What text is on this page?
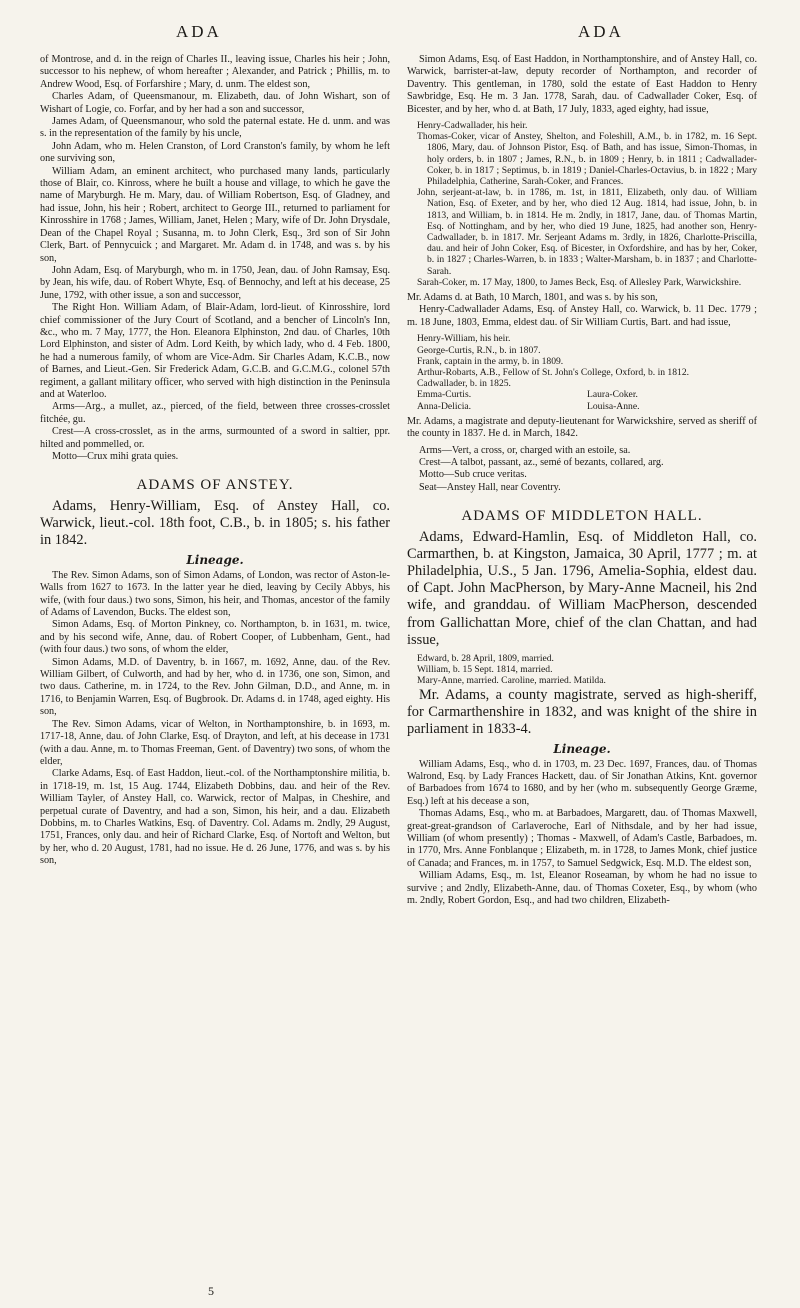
ADA	ADA

of Montrose, and d. in the reign of Charles II., leaving issue, Charles his heir ; John, successor to his nephew, of whom hereafter ; Alexander, and Patrick ; Phillis, m. to Andrew Wood, Esq. of Forfarshire ; Mary, d. unm. The eldest son,

Charles Adam, of Queensmanour, m. Elizabeth, dau. of John Wishart, son of Wishart of Logie, co. Forfar, and by her had a son and successor,

James Adam, of Queensmanour, who sold the paternal estate. He d. unm. and was s. in the representation of the family by his uncle,

John Adam, who m. Helen Cranston, of Lord Cranston's family, by whom he left one surviving son,

William Adam, an eminent architect, who purchased many lands, particularly those of Blair, co. Kinross, where he built a house and village, to which he gave the name of Maryburgh. He m. Mary, dau. of William Robertson, Esq. of Gladney, and had issue, John, his heir ; Robert, architect to George III., returned to parliament for Kinrosshire in 1768 ; James, William, Janet, Helen ; Mary, wife of Dr. John Drysdale, Dean of the Chapel Royal ; Susanna, m. to John Clerk, Esq., 3rd son of Sir John Clerk, Bart. of Pennycuick ; and Margaret. Mr. Adam d. in 1748, and was s. by his son,

John Adam, Esq. of Maryburgh, who m. in 1750, Jean, dau. of John Ramsay, Esq. by Jean, his wife, dau. of Robert Whyte, Esq. of Bennochy, and left at his decease, 25 June, 1792, with other issue, a son and successor,

The Right Hon. William Adam, of Blair-Adam, lord-lieut. of Kinrosshire, lord chief commissioner of the Jury Court of Scotland, and a bencher of Lincoln's Inn, &c., who m. 7 May, 1777, the Hon. Eleanora Elphinston, 2nd dau. of Charles, 10th Lord Elphinston, and sister of Adm. Lord Keith, by which lady, who d. 4 Feb. 1800, he had a numerous family, of whom are Vice-Adm. Sir Charles Adam, K.C.B., now of Barnes, and Lieut.-Gen. Sir Frederick Adam, G.C.B. and G.C.M.G., colonel 57th regiment, a gallant military officer, who served with high distinction in the Peninsula and at Waterloo.

Arms—Arg., a mullet, az., pierced, of the field, between three crosses-crosslet fitchée, gu.

Crest—A cross-crosslet, as in the arms, surmounted of a sword in saltier, ppr. hilted and pommelled, or.

Motto—Crux mihi grata quies.

ADAMS OF ANSTEY.

Adams, Henry-William, Esq. of Anstey Hall, co. Warwick, lieut.-col. 18th foot, C.B., b. in 1805; s. his father in 1842.

Lineage.

The Rev. Simon Adams, son of Simon Adams, of London, was rector of Aston-le-Walls from 1627 to 1673. In the latter year he died, leaving by Cecily Abbys, his wife, (with four daus.) two sons, Simon, his heir, and Thomas, ancestor of the family of Adams of Lavendon, Bucks. The eldest son,

Simon Adams, Esq. of Morton Pinkney, co. Northampton, b. in 1631, m. twice, and by his second wife, Anne, dau. of Robert Cooper, of Lubbenham, Gent., had (with four daus.) two sons, of whom the elder,

Simon Adams, M.D. of Daventry, b. in 1667, m. 1692, Anne, dau. of the Rev. William Gilbert, of Culworth, and had by her, who d. in 1736, one son, Simon, and two daus. Catherine, m. in 1724, to the Rev. John Gilman, D.D., and Anne, m. in 1716, to Benjamin Warren, Esq. of Bugbrook. Dr. Adams d. in 1748, aged eighty. His son,

The Rev. Simon Adams, vicar of Welton, in Northamptonshire, b. in 1693, m. 1717-18, Anne, dau. of John Clarke, Esq. of Drayton, and left, at his decease in 1731 (with a dau. Anne, m. to Thomas Freeman, Gent. of Daventry) two sons, of whom the elder,

Clarke Adams, Esq. of East Haddon, lieut.-col. of the Northamptonshire militia, b. in 1718-19, m. 1st, 15 Aug. 1744, Elizabeth Dobbins, dau. and heir of the Rev. William Tayler, of Anstey Hall, co. Warwick, rector of Malpas, in Cheshire, and perpetual curate of Daventry, and had a son, Simon, his heir, and a dau. Elizabeth Dobbins, m. to Charles Watkins, Esq. of Daventry. Col. Adams m. 2ndly, 29 August, 1751, Frances, only dau. and heir of Richard Clarke, Esq. of Nortoft and Welton, but by her, who d. 20 August, 1781, had no issue. He d. 26 June, 1776, and was s. by his son,

Simon Adams, Esq. of East Haddon, in Northamptonshire, and of Anstey Hall, co. Warwick, barrister-at-law, deputy recorder of Northampton, and recorder of Daventry. This gentleman, in 1780, sold the estate of East Haddon to Henry Sawbridge, Esq. He m. 3 Jan. 1778, Sarah, dau. of Cadwallader Coker, Esq. of Bicester, and by her, who d. at Bath, 17 July, 1833, aged eighty, had issue,

Henry-Cadwallader, his heir.

Thomas-Coker, vicar of Anstey, Shelton, and Foleshill, A.M., b. in 1782, m. 16 Sept. 1806, Mary, dau. of Johnson Pistor, Esq. of Bath, and has issue, Simon-Thomas, in holy orders, b. in 1807 ; James, R.N., b. in 1809 ; Henry, b. in 1811 ; Cadwallader-Coker, b. in 1817 ; Septimus, b. in 1819 ; Daniel-Charles-Octavius, b. in 1822 ; Mary Philadelphia, Catherine, Sarah-Coker, and Frances.

John, serjeant-at-law, b. in 1786, m. 1st, in 1811, Elizabeth, only dau. of William Nation, Esq. of Exeter, and by her, who died 12 Aug. 1814, had issue, John, b. in 1813, and William, b. in 1814. He m. 2ndly, in 1817, Jane, dau. of Thomas Martin, Esq. of Nottingham, and by her, who died 19 June, 1825, had another son, Henry-Cadwallader, b. in 1817. Mr. Serjeant Adams m. 3rdly, in 1826, Charlotte-Priscilla, dau. and heir of John Coker, Esq. of Bicester, in Oxfordshire, and has by her, Coker, b. in 1827 ; Charles-Warren, b. in 1833 ; Walter-Marsham, b. in 1837 ; and Charlotte-Sarah.

Sarah-Coker, m. 17 May, 1800, to James Beck, Esq. of Allesley Park, Warwickshire.

Mr. Adams d. at Bath, 10 March, 1801, and was s. by his son,

Henry-Cadwallader Adams, Esq. of Anstey Hall, co. Warwick, b. 11 Dec. 1779 ; m. 18 June, 1803, Emma, eldest dau. of Sir William Curtis, Bart. and had issue,

Henry-William, his heir.

George-Curtis, R.N., b. in 1807.

Frank, captain in the army, b. in 1809.

Arthur-Robarts, A.B., Fellow of St. John's College, Oxford, b. in 1812.

Cadwallader, b. in 1825.

Emma-Curtis.	Laura-Coker.
Anna-Delicia.	Louisa-Anne.

Mr. Adams, a magistrate and deputy-lieutenant for Warwickshire, served as sheriff of the county in 1837. He d. in March, 1842.

Arms—Vert, a cross, or, charged with an estoile, sa.

Crest—A talbot, passant, az., semé of bezants, collared, arg.

Motto—Sub cruce veritas.

Seat—Anstey Hall, near Coventry.

ADAMS OF MIDDLETON HALL.

Adams, Edward-Hamlin, Esq. of Middleton Hall, co. Carmarthen, b. at Kingston, Jamaica, 30 April, 1777 ; m. at Philadelphia, U.S., 5 Jan. 1796, Amelia-Sophia, eldest dau. of Capt. John MacPherson, by Mary-Anne Macneil, his 2nd wife, and granddau. of William MacPherson, descended from Gallichattan More, chief of the clan Chattan, and had issue,

Edward, b. 28 April, 1809, married.

William, b. 15 Sept. 1814, married.

Mary-Anne, married. Caroline, married. Matilda.

Mr. Adams, a county magistrate, served as high-sheriff, for Carmarthenshire in 1832, and was knight of the shire in parliament in 1833-4.

Lineage.

William Adams, Esq., who d. in 1703, m. 23 Dec. 1697, Frances, dau. of Thomas Walrond, Esq. by Lady Frances Hackett, dau. of Sir Jonathan Atkins, Knt. governor of Barbadoes from 1674 to 1680, and by her (who m. subsequently George Græme, Esq.) left at his decease a son,

Thomas Adams, Esq., who m. at Barbadoes, Margarett, dau. of Thomas Maxwell, great-great-grandson of Carlaveroche, Earl of Nithsdale, and by her had issue, William (of whom presently) ; Thomas - Maxwell, of Adam's Castle, Barbadoes, m. in 1770, Mrs. Anne Fonblanque ; Elizabeth, m. in 1728, to James Monk, chief justice of Canada; and Frances, m. in 1757, to Samuel Sedgwick, Esq. M.D. The eldest son,

William Adams, Esq., m. 1st, Eleanor Roseaman, by whom he had no issue to survive ; and 2ndly, Elizabeth-Anne, dau. of Thomas Coxeter, Esq., by whom (who m. 2ndly, Robert Gordon, Esq., and had two children, Elizabeth-

5
